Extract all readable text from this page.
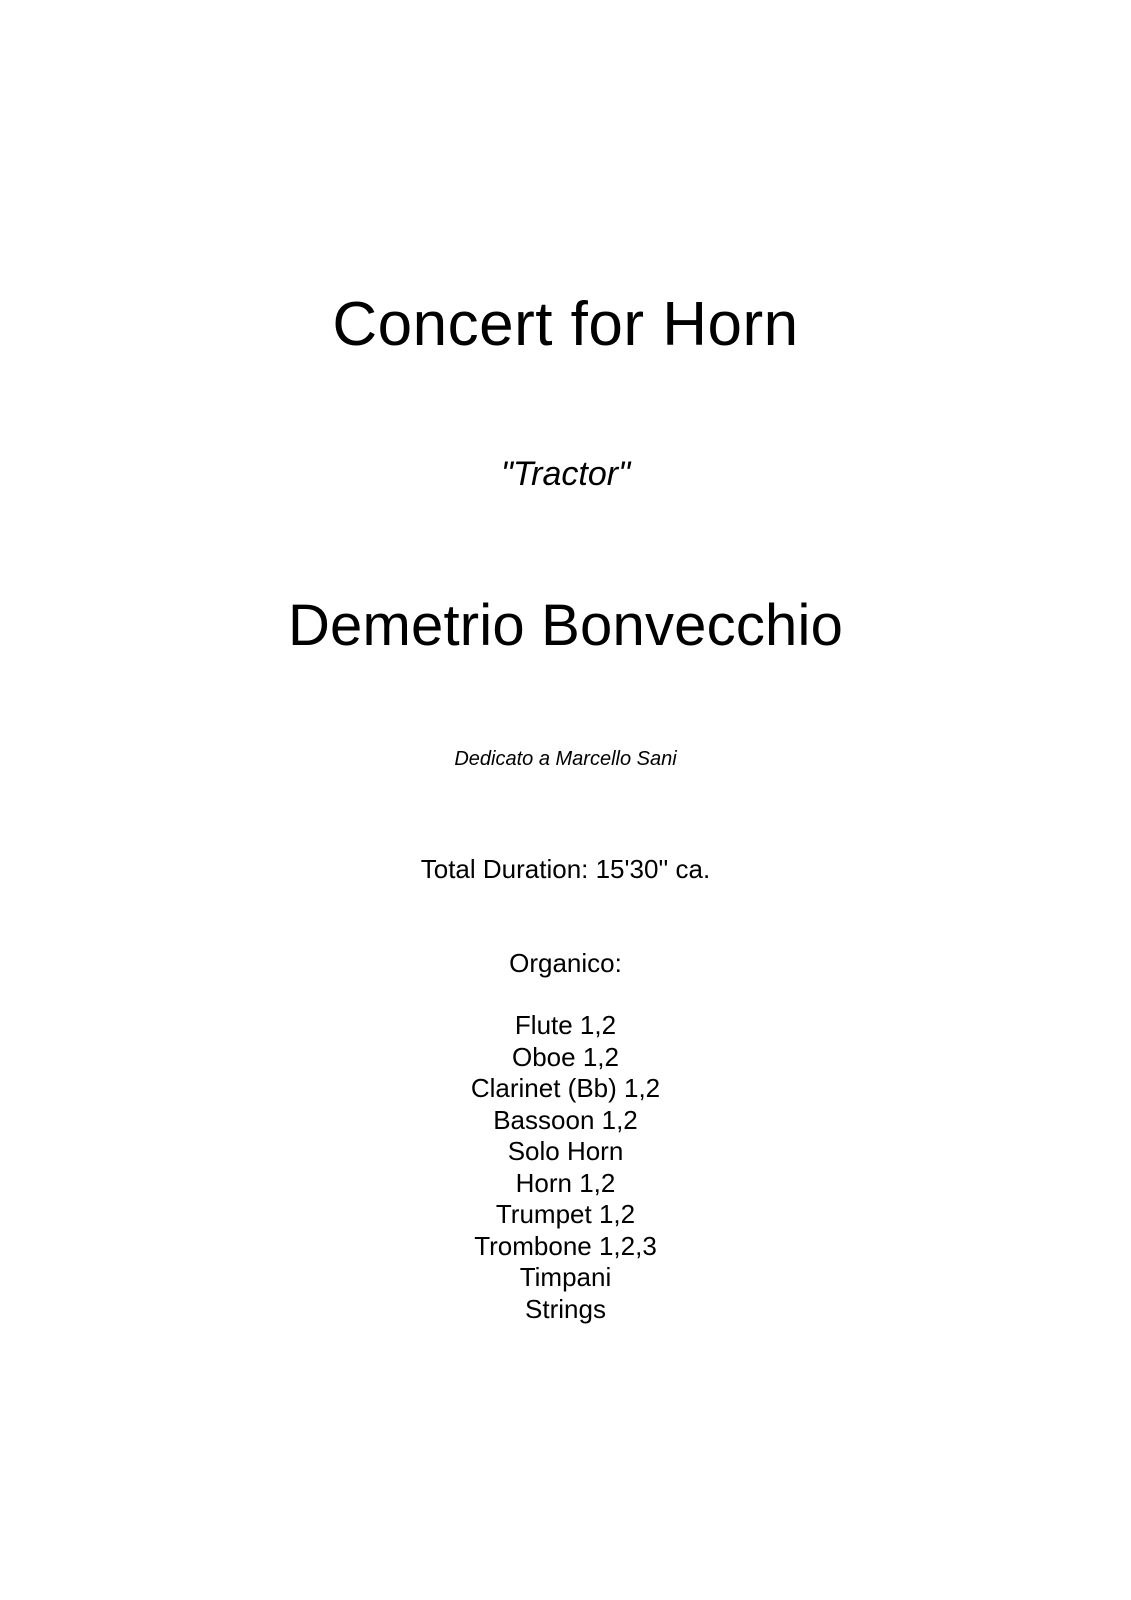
Concert for Horn
"Tractor"
Demetrio Bonvecchio
Dedicato a Marcello Sani
Total Duration: 15'30'' ca.
Organico:
Flute 1,2
Oboe 1,2
Clarinet (Bb) 1,2
Bassoon 1,2
Solo Horn
Horn 1,2
Trumpet 1,2
Trombone 1,2,3
Timpani
Strings
